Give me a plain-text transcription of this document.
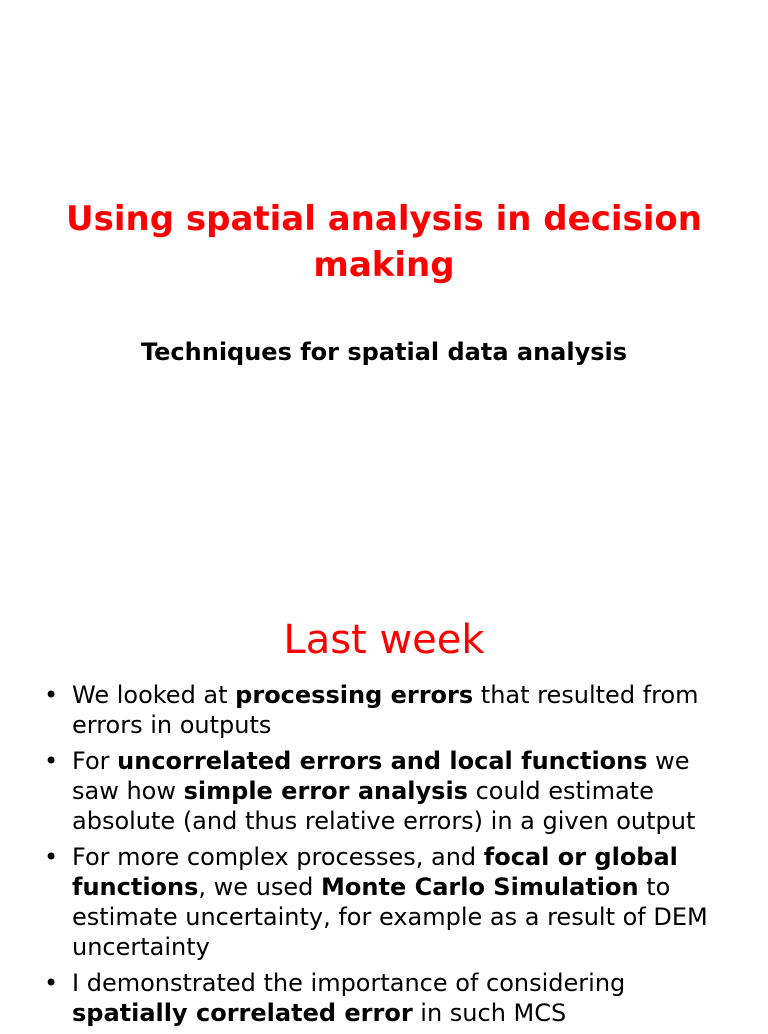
Using spatial analysis in decision making
Techniques for spatial data analysis
Last week
• We looked at processing errors that resulted from errors in outputs
• For uncorrelated errors and local functions we saw how simple error analysis could estimate absolute (and thus relative errors) in a given output
• For more complex processes, and focal or global functions, we used Monte Carlo Simulation to estimate uncertainty, for example as a result of DEM uncertainty
• I demonstrated the importance of considering spatially correlated error in such MCS
